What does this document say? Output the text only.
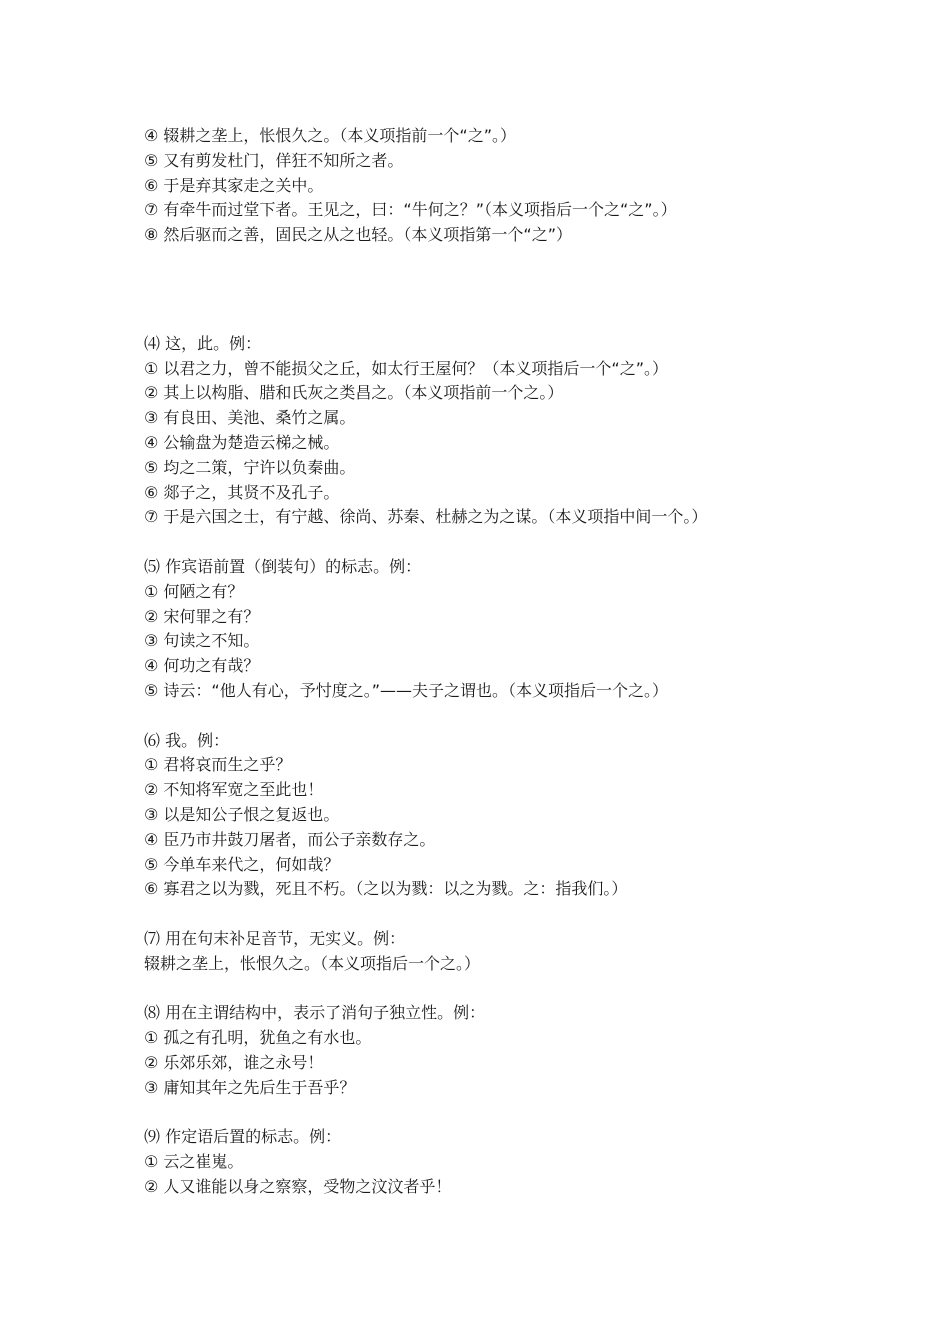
④ 辍耕之垄上，怅恨久之。（本义项指前一个“之”。）
⑤ 又有剪发杜门，佯狂不知所之者。
⑥ 于是弃其家走之关中。
⑦ 有牵牛而过堂下者。王见之，曰：“牛何之？”（本义项指后一个之“之”。）
⑧ 然后驱而之善，固民之从之也轻。（本义项指第一个“之”）
⑷ 这，此。例：
① 以君之力，曾不能损父之丘，如太行王屋何？（本义项指后一个“之”。）
② 其上以构脂、腊和氏灰之类昌之。（本义项指前一个之。）
③ 有良田、美池、桑竹之属。
④ 公输盘为楚造云梯之械。
⑤ 均之二策，宁许以负秦曲。
⑥ 郯子之，其贤不及孔子。
⑦ 于是六国之士，有宁越、徐尚、苏秦、杜赫之为之谋。（本义项指中间一个。）
⑸ 作宾语前置（倒装句）的标志。例：
① 何陋之有？
② 宋何罪之有？
③ 句读之不知。
④ 何功之有哉？
⑤ 诗云：“他人有心，予忖度之。”——夫子之谓也。（本义项指后一个之。）
⑹ 我。例：
① 君将哀而生之乎？
② 不知将军宽之至此也！
③ 以是知公子恨之复返也。
④ 臣乃市井鼓刀屠者，而公子亲数存之。
⑤ 今单车来代之，何如哉？
⑥ 寡君之以为戮，死且不朽。（之以为戮：以之为戮。之：指我们。）
⑺ 用在句末补足音节，无实义。例：
辍耕之垄上，怅恨久之。（本义项指后一个之。）
⑻ 用在主谓结构中，表示了消句子独立性。例：
① 孤之有孔明，犹鱼之有水也。
② 乐郊乐郊，谁之永号！
③ 庸知其年之先后生于吾乎？
⑼ 作定语后置的标志。例：
① 云之崔嵬。
② 人又谁能以身之察察，受物之汶汶者乎！
